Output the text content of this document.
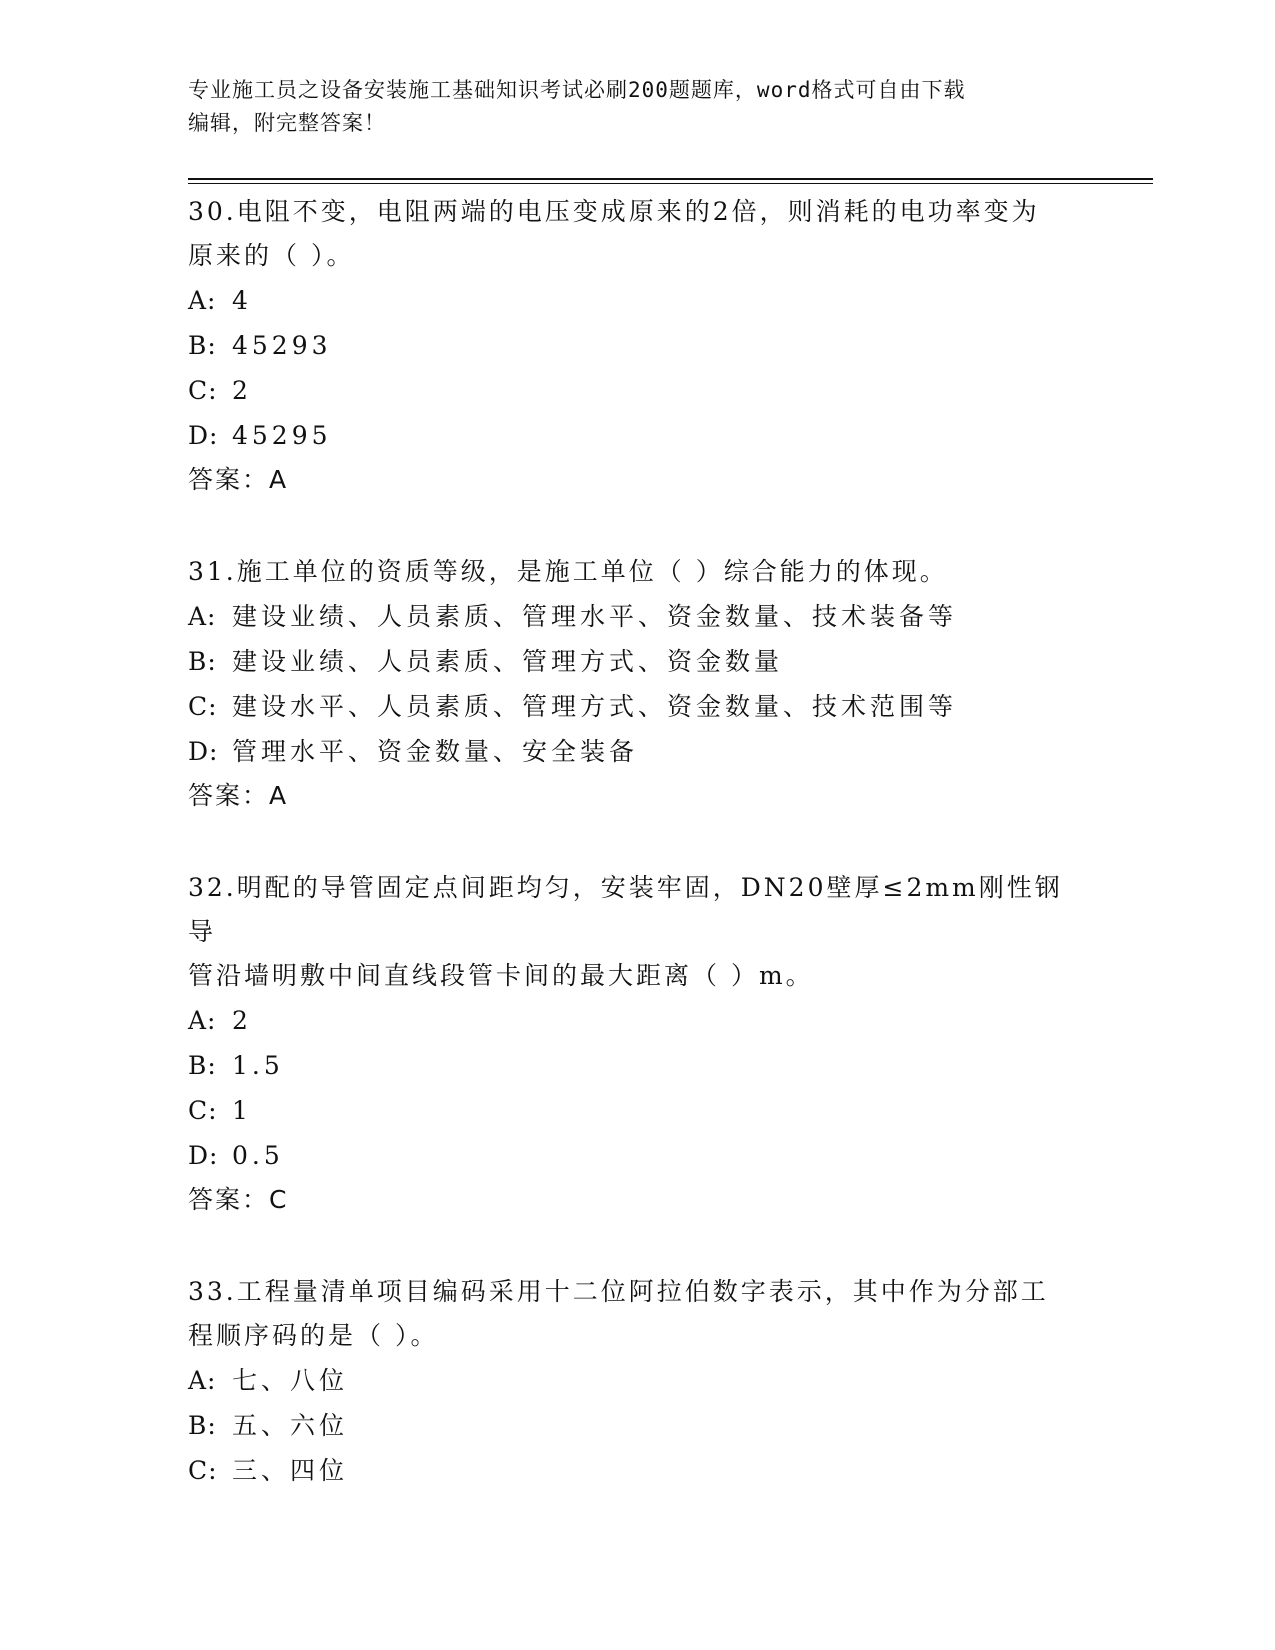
专业施工员之设备安装施工基础知识考试必刷200题题库，word格式可自由下载
编辑，附完整答案！

30.电阻不变，电阻两端的电压变成原来的2倍，则消耗的电功率变为

原来的（ ）。

A: 4

B: 45293

C: 2

D: 45295

答案：A

31.施工单位的资质等级，是施工单位（ ）综合能力的体现。

A: 建设业绩、人员素质、管理水平、资金数量、技术装备等

B: 建设业绩、人员素质、管理方式、资金数量

C: 建设水平、人员素质、管理方式、资金数量、技术范围等

D: 管理水平、资金数量、安全装备

答案：A

32.明配的导管固定点间距均匀，安装牢固，DN20壁厚≤2mm刚性钢导

管沿墙明敷中间直线段管卡间的最大距离（ ）m。

A: 2

B: 1.5

C: 1

D: 0.5

答案：C

33.工程量清单项目编码采用十二位阿拉伯数字表示，其中作为分部工

程顺序码的是（ ）。

A: 七、八位

B: 五、六位

C: 三、四位
